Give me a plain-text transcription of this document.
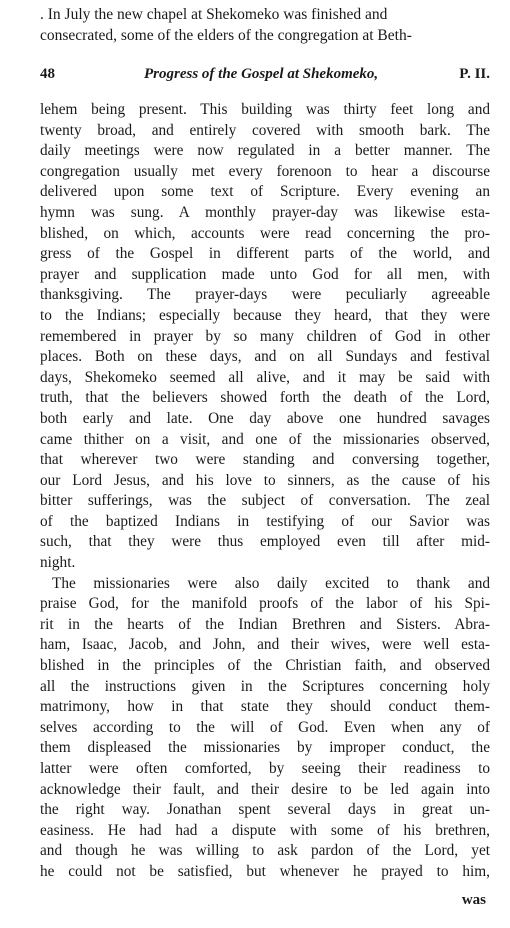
. In July the new chapel at Shekomeko was finished and
consecrated, some of the elders of the congregation at Beth-
48	Progress of the Gospel at Shekomeko,	P. II.
lehem being present. This building was thirty feet long and
twenty broad, and entirely covered with smooth bark. The
daily meetings were now regulated in a better manner. The
congregation usually met every forenoon to hear a discourse
delivered upon some text of Scripture. Every evening an
hymn was sung. A monthly prayer-day was likewise esta-
blished, on which, accounts were read concerning the pro-
gress of the Gospel in different parts of the world, and
prayer and supplication made unto God for all men, with
thanksgiving. The prayer-days were peculiarly agreeable
to the Indians; especially because they heard, that they were
remembered in prayer by so many children of God in other
places. Both on these days, and on all Sundays and festival
days, Shekomeko seemed all alive, and it may be said with
truth, that the believers showed forth the death of the Lord,
both early and late. One day above one hundred savages
came thither on a visit, and one of the missionaries observed,
that wherever two were standing and conversing together,
our Lord Jesus, and his love to sinners, as the cause of his
bitter sufferings, was the subject of conversation. The zeal
of the baptized Indians in testifying of our Savior was
such, that they were thus employed even till after mid-
night.
The missionaries were also daily excited to thank and
praise God, for the manifold proofs of the labor of his Spi-
rit in the hearts of the Indian Brethren and Sisters. Abra-
ham, Isaac, Jacob, and John, and their wives, were well esta-
blished in the principles of the Christian faith, and observed
all the instructions given in the Scriptures concerning holy
matrimony, how in that state they should conduct them-
selves according to the will of God. Even when any of
them displeased the missionaries by improper conduct, the
latter were often comforted, by seeing their readiness to
acknowledge their fault, and their desire to be led again into
the right way. Jonathan spent several days in great un-
easiness. He had had a dispute with some of his brethren,
and though he was willing to ask pardon of the Lord, yet
he could not be satisfied, but whenever he prayed to him,
was
